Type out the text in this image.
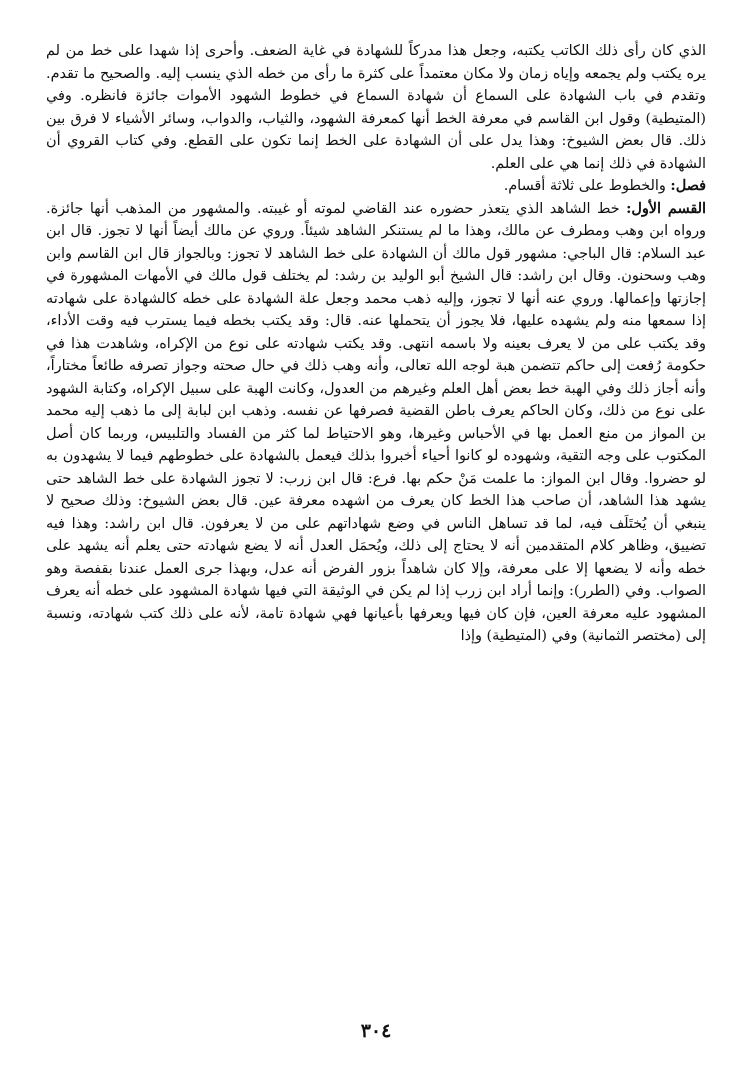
الذي كان رأى ذلك الكاتب يكتبه، وجعل هذا مدركاً للشهادة في غاية الضعف. وأحرى إذا شهدا على خط من لم يره يكتب ولم يجمعه وإياه زمان ولا مكان معتمداً على كثرة ما رأى من خطه الذي ينسب إليه. والصحيح ما تقدم. وتقدم في باب الشهادة على السماع أن شهادة السماع في خطوط الشهود الأموات جائزة فانظره. وفي (المتيطية) وقول ابن القاسم في معرفة الخط أنها كمعرفة الشهود، والثياب، والدواب، وسائر الأشياء لا فرق بين ذلك. قال بعض الشيوخ: وهذا يدل على أن الشهادة على الخط إنما تكون على القطع. وفي كتاب القروي أن الشهادة في ذلك إنما هي على العلم.

فصل: والخطوط على ثلاثة أقسام.

القسم الأول: خط الشاهد الذي يتعذر حضوره عند القاضي لموته أو غيبته. والمشهور من المذهب أنها جائزة. ورواه ابن وهب ومطرف عن مالك، وهذا ما لم يستنكر الشاهد شيئاً. وروي عن مالك أيضاً أنها لا تجوز. قال ابن عبد السلام: قال الباجي: مشهور قول مالك أن الشهادة على خط الشاهد لا تجوز: وبالجواز قال ابن القاسم وابن وهب وسحنون. وقال ابن راشد: قال الشيخ أبو الوليد بن رشد: لم يختلف قول مالك في الأمهات المشهورة في إجازتها وإعمالها. وروي عنه أنها لا تجوز، وإليه ذهب محمد وجعل علة الشهادة على خطه كالشهادة على شهادته إذا سمعها منه ولم يشهده عليها، فلا يجوز أن يتحملها عنه. قال: وقد يكتب بخطه فيما يسترب فيه وقت الأداء، وقد يكتب على من لا يعرف بعينه ولا باسمه انتهى. وقد يكتب شهادته على نوع من الإكراه، وشاهدت هذا في حكومة رُفعت إلى حاكم تتضمن هبة لوجه الله تعالى، وأنه وهب ذلك في حال صحته وجواز تصرفه طائعاً مختاراً، وأنه أجاز ذلك وفي الهبة خط بعض أهل العلم وغيرهم من العدول، وكانت الهبة على سبيل الإكراه، وكتابة الشهود على نوع من ذلك، وكان الحاكم يعرف باطن القضية فصرفها عن نفسه. وذهب ابن لبابة إلى ما ذهب إليه محمد بن المواز من منع العمل بها في الأحباس وغيرها، وهو الاحتياط لما كثر من الفساد والتلبيس، وربما كان أصل المكتوب على وجه التقية، وشهوده لو كانوا أحياء أخبروا بذلك فيعمل بالشهادة على خطوطهم فيما لا يشهدون به لو حضروا. وقال ابن المواز: ما علمت مَنْ حكم بها. فرع: قال ابن زرب: لا تجوز الشهادة على خط الشاهد حتى يشهد هذا الشاهد، أن صاحب هذا الخط كان يعرف من اشهده معرفة عين. قال بعض الشيوخ: وذلك صحيح لا ينبغي أن يُختَلَف فيه، لما قد تساهل الناس في وضع شهاداتهم على من لا يعرفون. قال ابن راشد: وهذا فيه تضييق، وظاهر كلام المتقدمين أنه لا يحتاج إلى ذلك، ويُحمَل العدل أنه لا يضع شهادته حتى يعلم أنه يشهد على خطه وأنه لا يضعها إلا على معرفة، وإلا كان شاهداً بزور الفرض أنه عدل، وبهذا جرى العمل عندنا بقفصة وهو الصواب. وفي (الطرر): وإنما أراد ابن زرب إذا لم يكن في الوثيقة التي فيها شهادة المشهود على خطه أنه يعرف المشهود عليه معرفة العين، فإن كان فيها ويعرفها بأعيانها فهي شهادة تامة، لأنه على ذلك كتب شهادته، ونسبة إلى (مختصر الثمانية) وفي (المتيطية) وإذا

٣٠٤
